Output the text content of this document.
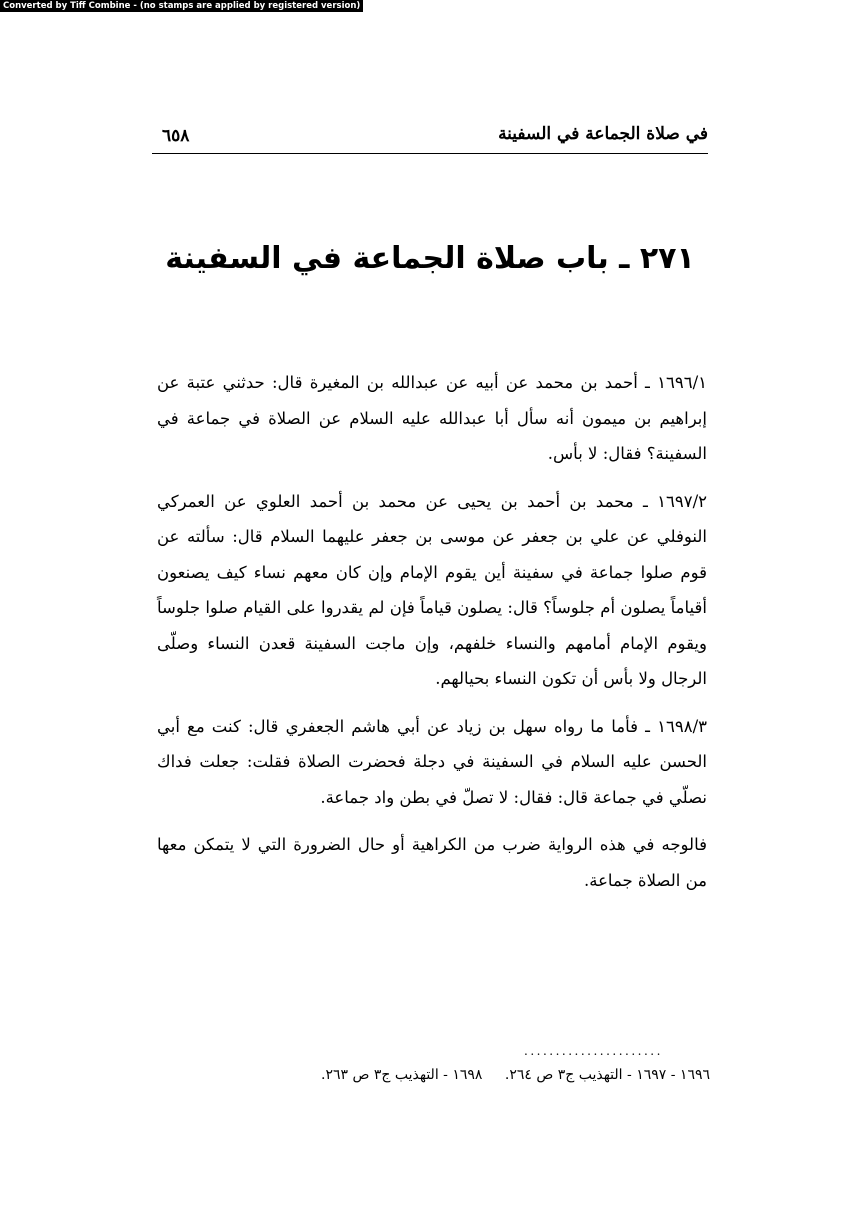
Converted by Tiff Combine - (no stamps are applied by registered version)
٦٥٨	في صلاة الجماعة في السفينة
٢٧١ ـ باب صلاة الجماعة في السفينة

١٦٩٦/١ ـ أحمد بن محمد عن أبيه عن عبدالله بن المغيرة قال: حدثني عتبة عن إبراهيم بن ميمون أنه سأل أبا عبدالله عليه السلام عن الصلاة في جماعة في السفينة؟ فقال: لا بأس.

١٦٩٧/٢ ـ محمد بن أحمد بن يحيى عن محمد بن أحمد العلوي عن العمركي النوفلي عن علي بن جعفر عن موسى بن جعفر عليهما السلام قال: سألته عن قوم صلوا جماعة في سفينة أين يقوم الإمام وإن كان معهم نساء كيف يصنعون أقياماً يصلون أم جلوساً؟ قال: يصلون قياماً فإن لم يقدروا على القيام صلوا جلوساً ويقوم الإمام أمامهم والنساء خلفهم، وإن ماجت السفينة قعدن النساء وصلّى الرجال ولا بأس أن تكون النساء بحيالهم.

١٦٩٨/٣ ـ فأما ما رواه سهل بن زياد عن أبي هاشم الجعفري قال: كنت مع أبي الحسن عليه السلام في السفينة في دجلة فحضرت الصلاة فقلت: جعلت فداك نصلّي في جماعة قال: فقال: لا تصلّ في بطن واد جماعة.

فالوجه في هذه الرواية ضرب من الكراهية أو حال الضرورة التي لا يتمكن معها من الصلاة جماعة.

......................
١٦٩٦ - ١٦٩٧ - التهذيب ج٣ ص ٢٦٤. ١٦٩٨ - التهذيب ج٣ ص ٢٦٣.
